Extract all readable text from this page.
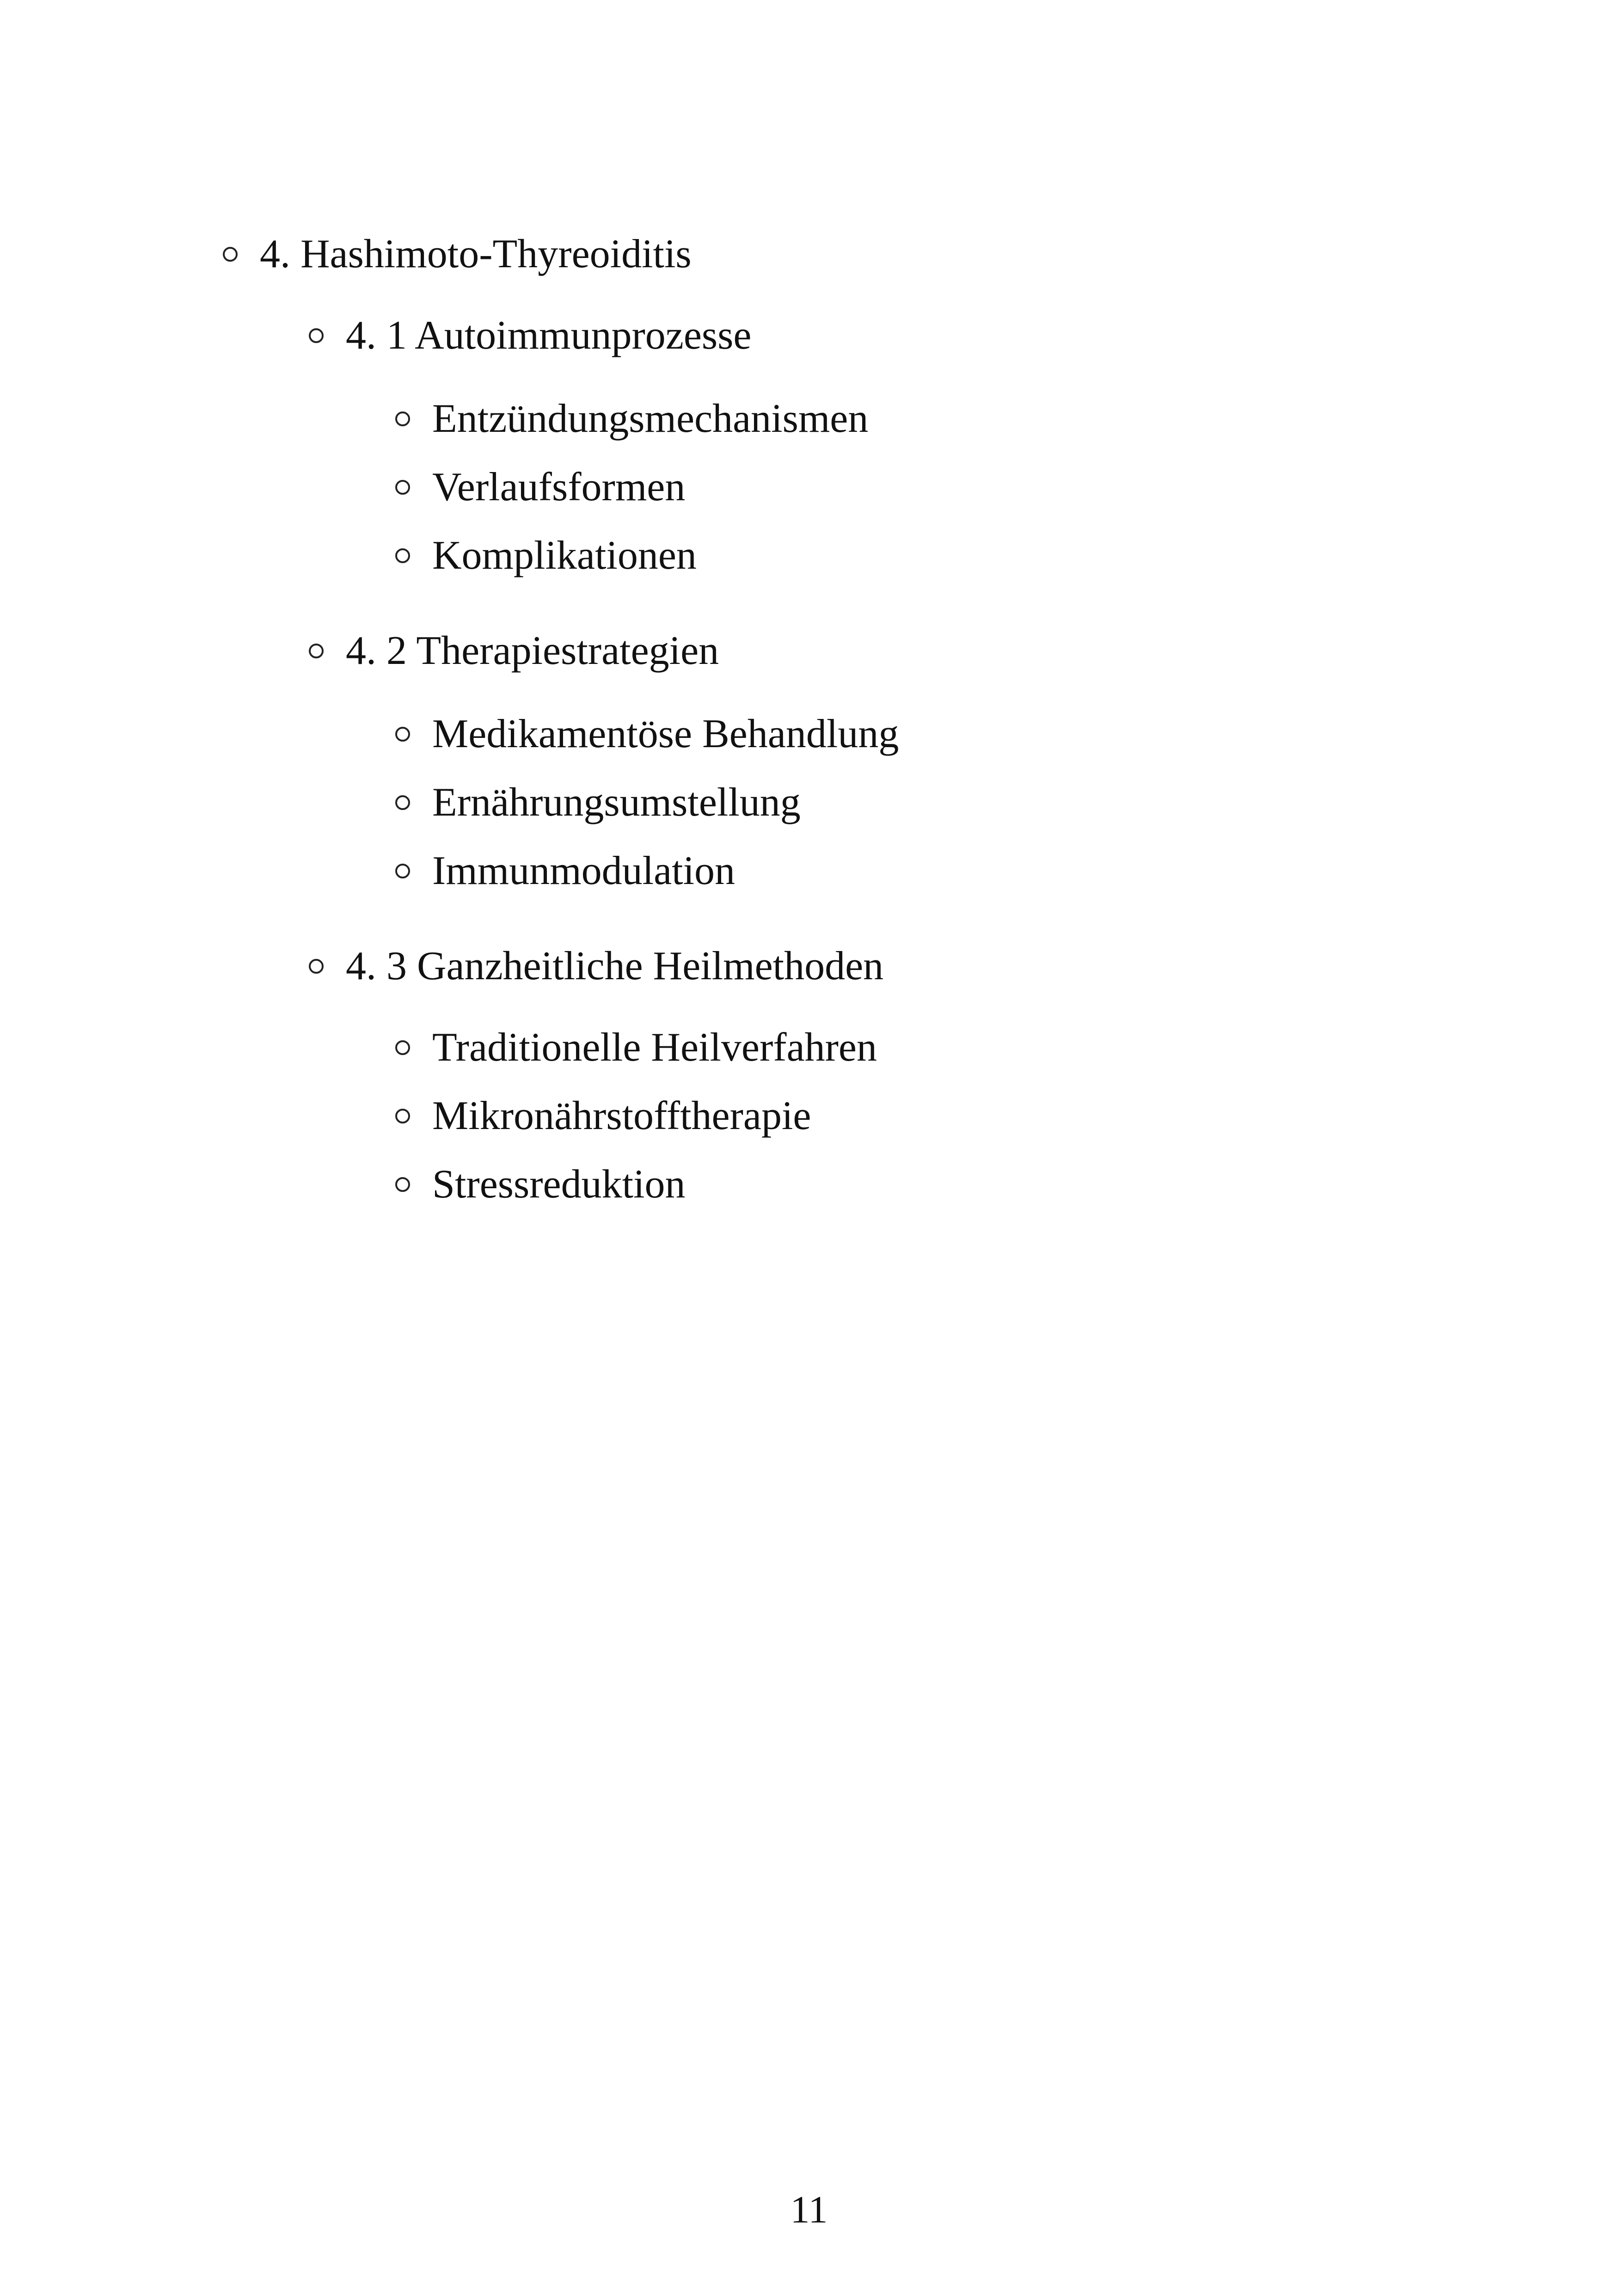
4. Hashimoto-Thyreoiditis
4. 1 Autoimmunprozesse
Entzündungsmechanismen
Verlaufsformen
Komplikationen
4. 2 Therapiestrategien
Medikamentöse Behandlung
Ernährungsumstellung
Immunmodulation
4. 3 Ganzheitliche Heilmethoden
Traditionelle Heilverfahren
Mikronährstofftherapie
Stressreduktion
11
